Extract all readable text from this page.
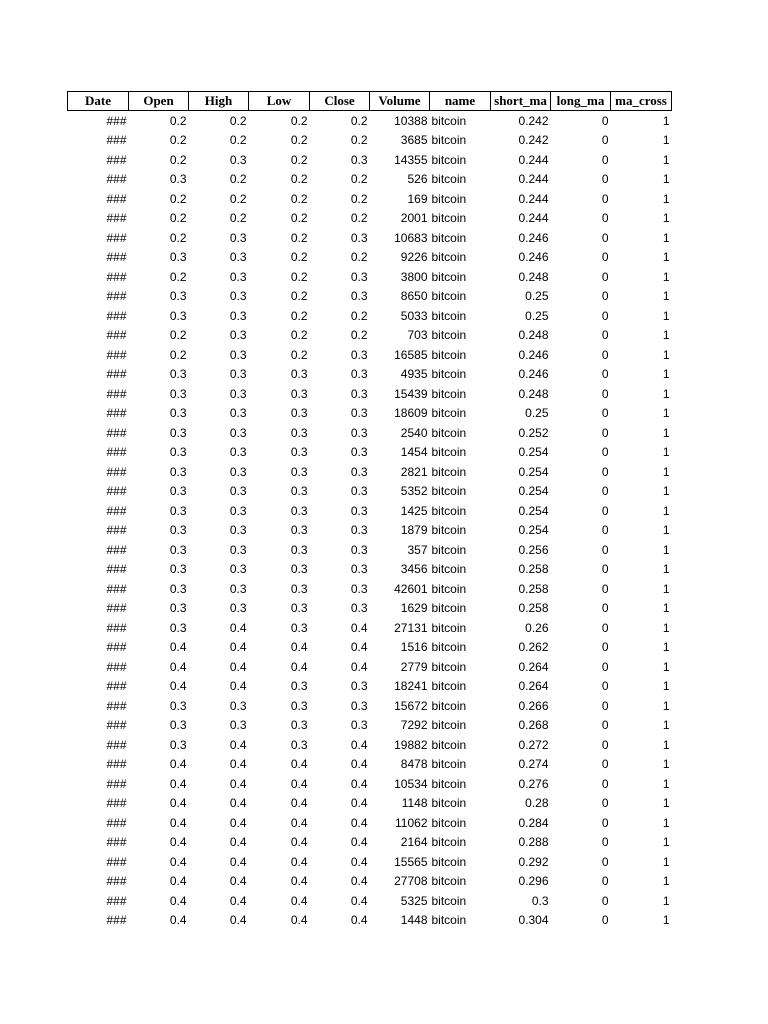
Date	Open	High	Low	Close	Volume	name	short_ma	long_ma	ma_cross
###	0.2	0.2	0.2	0.2	10388	bitcoin	0.242	0	1
###	0.2	0.2	0.2	0.2	3685	bitcoin	0.242	0	1
###	0.2	0.3	0.2	0.3	14355	bitcoin	0.244	0	1
###	0.3	0.2	0.2	0.2	526	bitcoin	0.244	0	1
###	0.2	0.2	0.2	0.2	169	bitcoin	0.244	0	1
###	0.2	0.2	0.2	0.2	2001	bitcoin	0.244	0	1
###	0.2	0.3	0.2	0.3	10683	bitcoin	0.246	0	1
###	0.3	0.3	0.2	0.2	9226	bitcoin	0.246	0	1
###	0.2	0.3	0.2	0.3	3800	bitcoin	0.248	0	1
###	0.3	0.3	0.2	0.3	8650	bitcoin	0.25	0	1
###	0.3	0.3	0.2	0.2	5033	bitcoin	0.25	0	1
###	0.2	0.3	0.2	0.2	703	bitcoin	0.248	0	1
###	0.2	0.3	0.2	0.3	16585	bitcoin	0.246	0	1
###	0.3	0.3	0.3	0.3	4935	bitcoin	0.246	0	1
###	0.3	0.3	0.3	0.3	15439	bitcoin	0.248	0	1
###	0.3	0.3	0.3	0.3	18609	bitcoin	0.25	0	1
###	0.3	0.3	0.3	0.3	2540	bitcoin	0.252	0	1
###	0.3	0.3	0.3	0.3	1454	bitcoin	0.254	0	1
###	0.3	0.3	0.3	0.3	2821	bitcoin	0.254	0	1
###	0.3	0.3	0.3	0.3	5352	bitcoin	0.254	0	1
###	0.3	0.3	0.3	0.3	1425	bitcoin	0.254	0	1
###	0.3	0.3	0.3	0.3	1879	bitcoin	0.254	0	1
###	0.3	0.3	0.3	0.3	357	bitcoin	0.256	0	1
###	0.3	0.3	0.3	0.3	3456	bitcoin	0.258	0	1
###	0.3	0.3	0.3	0.3	42601	bitcoin	0.258	0	1
###	0.3	0.3	0.3	0.3	1629	bitcoin	0.258	0	1
###	0.3	0.4	0.3	0.4	27131	bitcoin	0.26	0	1
###	0.4	0.4	0.4	0.4	1516	bitcoin	0.262	0	1
###	0.4	0.4	0.4	0.4	2779	bitcoin	0.264	0	1
###	0.4	0.4	0.3	0.3	18241	bitcoin	0.264	0	1
###	0.3	0.3	0.3	0.3	15672	bitcoin	0.266	0	1
###	0.3	0.3	0.3	0.3	7292	bitcoin	0.268	0	1
###	0.3	0.4	0.3	0.4	19882	bitcoin	0.272	0	1
###	0.4	0.4	0.4	0.4	8478	bitcoin	0.274	0	1
###	0.4	0.4	0.4	0.4	10534	bitcoin	0.276	0	1
###	0.4	0.4	0.4	0.4	1148	bitcoin	0.28	0	1
###	0.4	0.4	0.4	0.4	11062	bitcoin	0.284	0	1
###	0.4	0.4	0.4	0.4	2164	bitcoin	0.288	0	1
###	0.4	0.4	0.4	0.4	15565	bitcoin	0.292	0	1
###	0.4	0.4	0.4	0.4	27708	bitcoin	0.296	0	1
###	0.4	0.4	0.4	0.4	5325	bitcoin	0.3	0	1
###	0.4	0.4	0.4	0.4	1448	bitcoin	0.304	0	1
